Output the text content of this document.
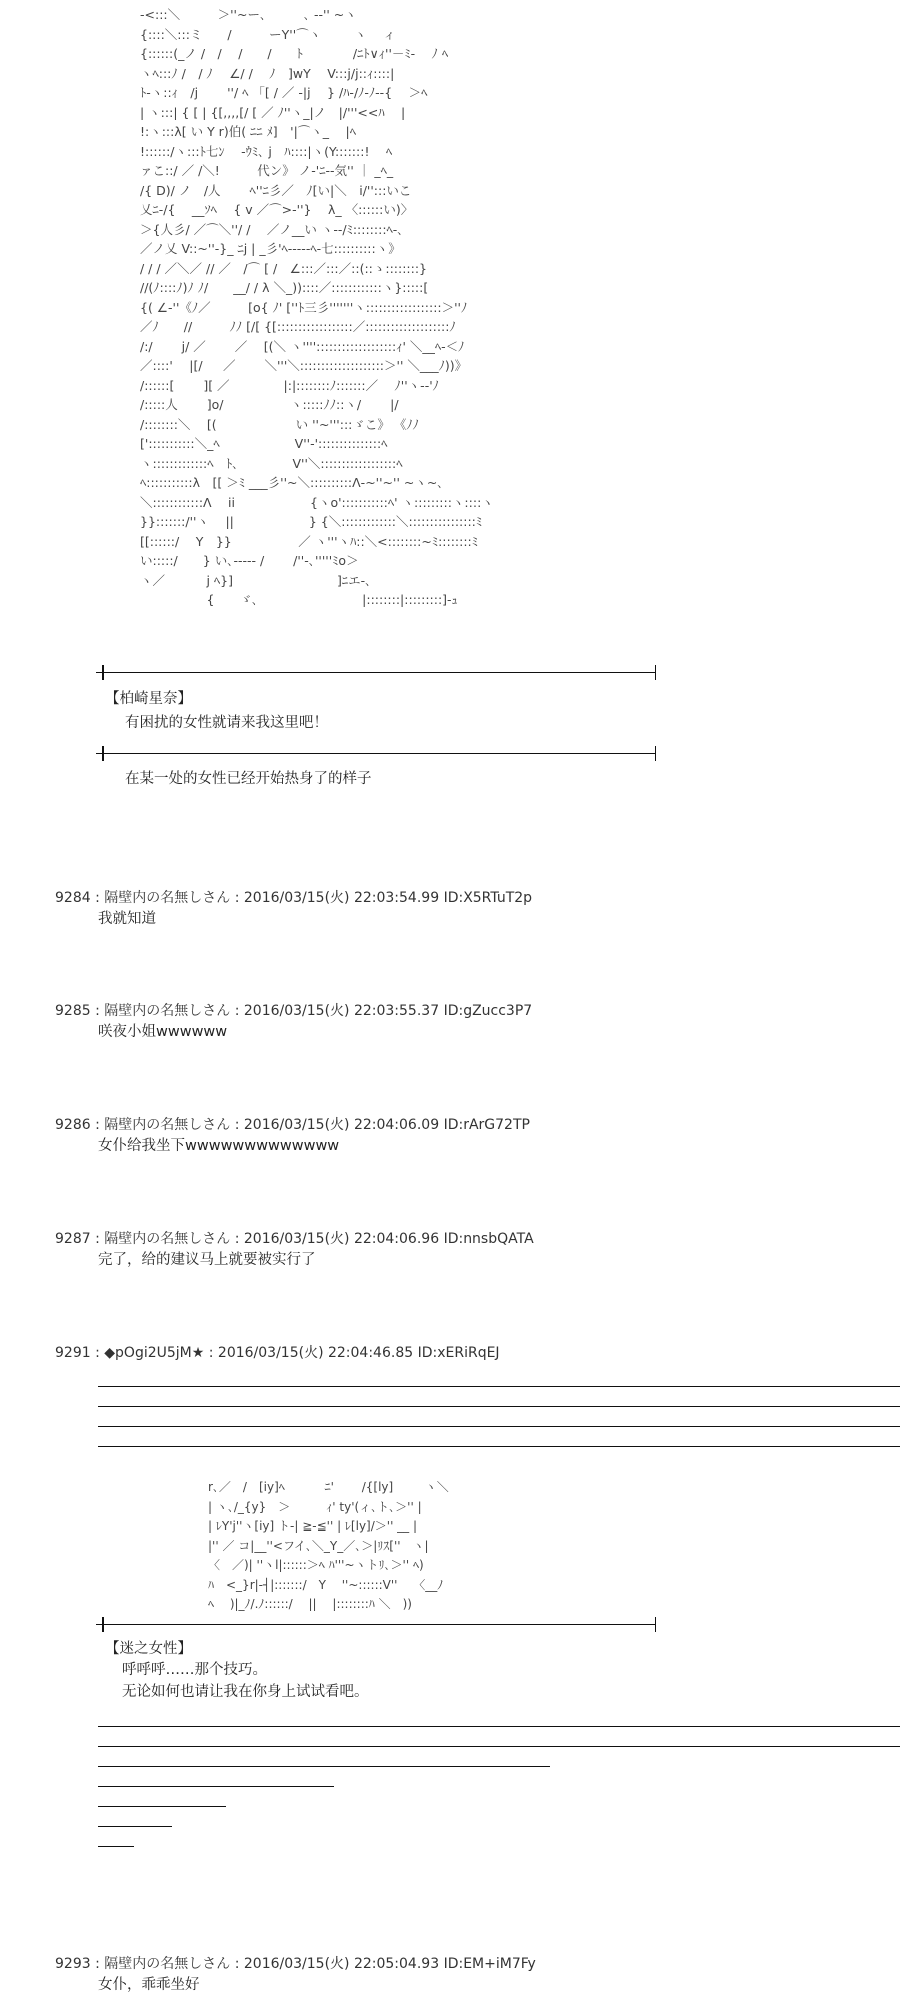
-<:::＼　　　＞''~ー､　　　､ -‐'' ~ヽ
{::::＼:::ミ　　/　　　ーY''⌒ヽ 　　 ヽ　 ィ
{::::::(_ノ /　/　 /　　/　　ﾄ　　　　/ﾆﾄ∨ｨ''－ﾐ‐ 　ﾉ ﾍ
ヽﾍ:::ﾉ /　/ ﾉ　 ∠/ /　 ﾉ　]wY　 V:::j/j::ｨ::::|
ﾄ-ヽ::ｨ　/j　　 ''/ ﾍ 「[ / ／ -|j　 } /ﾊ-/ﾉ-ﾉ--{　 ＞ﾍ
| ヽ:::| { [ | {[,,,,[/ [ ／ ﾉ''ヽ_|ノ　|/'''<<ﾊ　 |
!:ヽ:::λ[ い Y r)伯( ﾆﾆ ﾒ]　'|⌒ヽ_　 |ﾍ
!::::::/ヽ:::ﾄ七ﾝ 　-ｳﾐ､ j　ﾊ::::|ヽ(Y:::::::!　 ﾍ
ァこ::/ ／ /＼!　　　代ン》 ノ-'ﾆ--気'' ｜ _ﾍ_
/{ D)/ ノ　/人 　　ﾍ''ﾆ彡／　ﾉ[い|＼　i/'':::いこ
乂ﾆ-/{　 __ｿﾍ　 { v ／⌒>-''}　 λ_ 〈::::::い)〉
＞{人彡/ ／⌒＼''/ /　 ／ノ__い ヽ-‐/ﾐ::::::::ﾍ-､
／ノ乂 V::~''-}_ ﾆj | _彡'ﾍ-‐---ﾍ-七::::::::::ヽ》
/ / / ／＼／ // ／　/⌒ [ /　∠:::／:::／::(::ゝ::::::::}
//(ﾉ::::ﾉ)ﾉ ﾉ/　　__/ / λ ＼_))::::／::::::::::::ヽ}:::::[
{( ∠-''《ﾉ／　　　[o{ ﾉ' [''ﾄ三彡'''''''ヽ::::::::::::::::::＞''ﾉ
／ﾉ　　//　　　ﾉﾉ [/[ {[::::::::::::::::::／::::::::::::::::::::ﾉ
/:/　　 j/ ／　　 ／　 [(＼ ヽ'''':::::::::::::::::::ｨ' ＼__ﾍ-＜ﾉ
／::::'　 |[/ 　 ／　　 ＼'''＼::::::::::::::::::::＞'' ＼___ﾉ))》
/::::::[　　 ][ ／　　　　 |:|::::::::ﾉ:::::::／　 ﾉ''ヽ--'ﾉ
/:::::人　　 ]o/　　　　　 ヽ:::::ﾉﾉ::ヽ/　　 |/
/::::::::＼　 [(　　　　　　 い ''~''':::ゞこ》 《ﾉﾉ
[':::::::::::＼_ﾍ　　　　　　V''-':::::::::::::::ﾍ
ヽ:::::::::::::ﾍ　ﾄ､　　　　 V''＼::::::::::::::::::ﾍ
ﾍ:::::::::::λ　[[ ＞ﾐ ___彡''~＼::::::::::Λ-~''~'' ~ヽ~､
＼::::::::::::Λ　 ii　　　　　　{ヽo':::::::::::ﾍ' ヽ:::::::::ヽ::::ヽ
}}:::::::/''ヽ　 ||　　　　　　} {＼:::::::::::::＼::::::::::::::::ﾐ
[[::::::/　 Y　}}　　　　　 ／ ヽ'''ヽﾊ::＼<::::::::~ﾐ::::::::ﾐ
い:::::/　　} い､----- /　　 /''-､'''''ﾐo＞
ヽ／　　　 j ﾍ}]　　　　　　 　　]ﾆエ-､
　　　　　 {　　ゞ､　　　　　　　　 |::::::::|:::::::::]-ｭ
【柏崎星奈】
有困扰的女性就请来我这里吧！
在某一处的女性已经开始热身了的样子
9284 : 隔壁内の名無しさん : 2016/03/15(火) 22:03:54.99 ID:X5RTuT2p
我就知道
9285 : 隔壁内の名無しさん : 2016/03/15(火) 22:03:55.37 ID:gZucc3P7
咲夜小姐wwwwww
9286 : 隔壁内の名無しさん : 2016/03/15(火) 22:04:06.09 ID:rArG72TP
女仆给我坐下wwwwwwwwwwwww
9287 : 隔壁内の名無しさん : 2016/03/15(火) 22:04:06.96 ID:nnsbQATA
完了，给的建议马上就要被实行了
9291 : ◆pOgi2U5jM★ : 2016/03/15(火) 22:04:46.85 ID:xERiRqEJ
r､／　/　[iy]ﾍ　　　 ﾆ' 　　/{[ly] 　　 ヽ＼
| ヽ､/_{y}　＞　　　ｨ' ty'(ィ､ト､＞'' |
| ﾚY'j''ヽ[iy] ト-| ≧-≦'' | ﾚ[ly]/＞'' __ |
|'' ／ コ|__''<フイ､＼_Y_／､＞|ﾘｽ[''　ヽ|
〈　／)| ''ヽl|::::::＞ﾍ ﾊ'''~ヽトﾘ､＞'' ﾍ)
ﾊ　<_}r|-┤|:::::::/　Y　 ''~::::::V''　 〈__ﾉ
ﾍ　 )|_ﾉ/.ﾉ::::::/ 　||　 |::::::::ﾊ ＼　))
【迷之女性】
呼呼呼……那个技巧。
无论如何也请让我在你身上试试看吧。
9293 : 隔壁内の名無しさん : 2016/03/15(火) 22:05:04.93 ID:EM+iM7Fy
女仆，乖乖坐好
